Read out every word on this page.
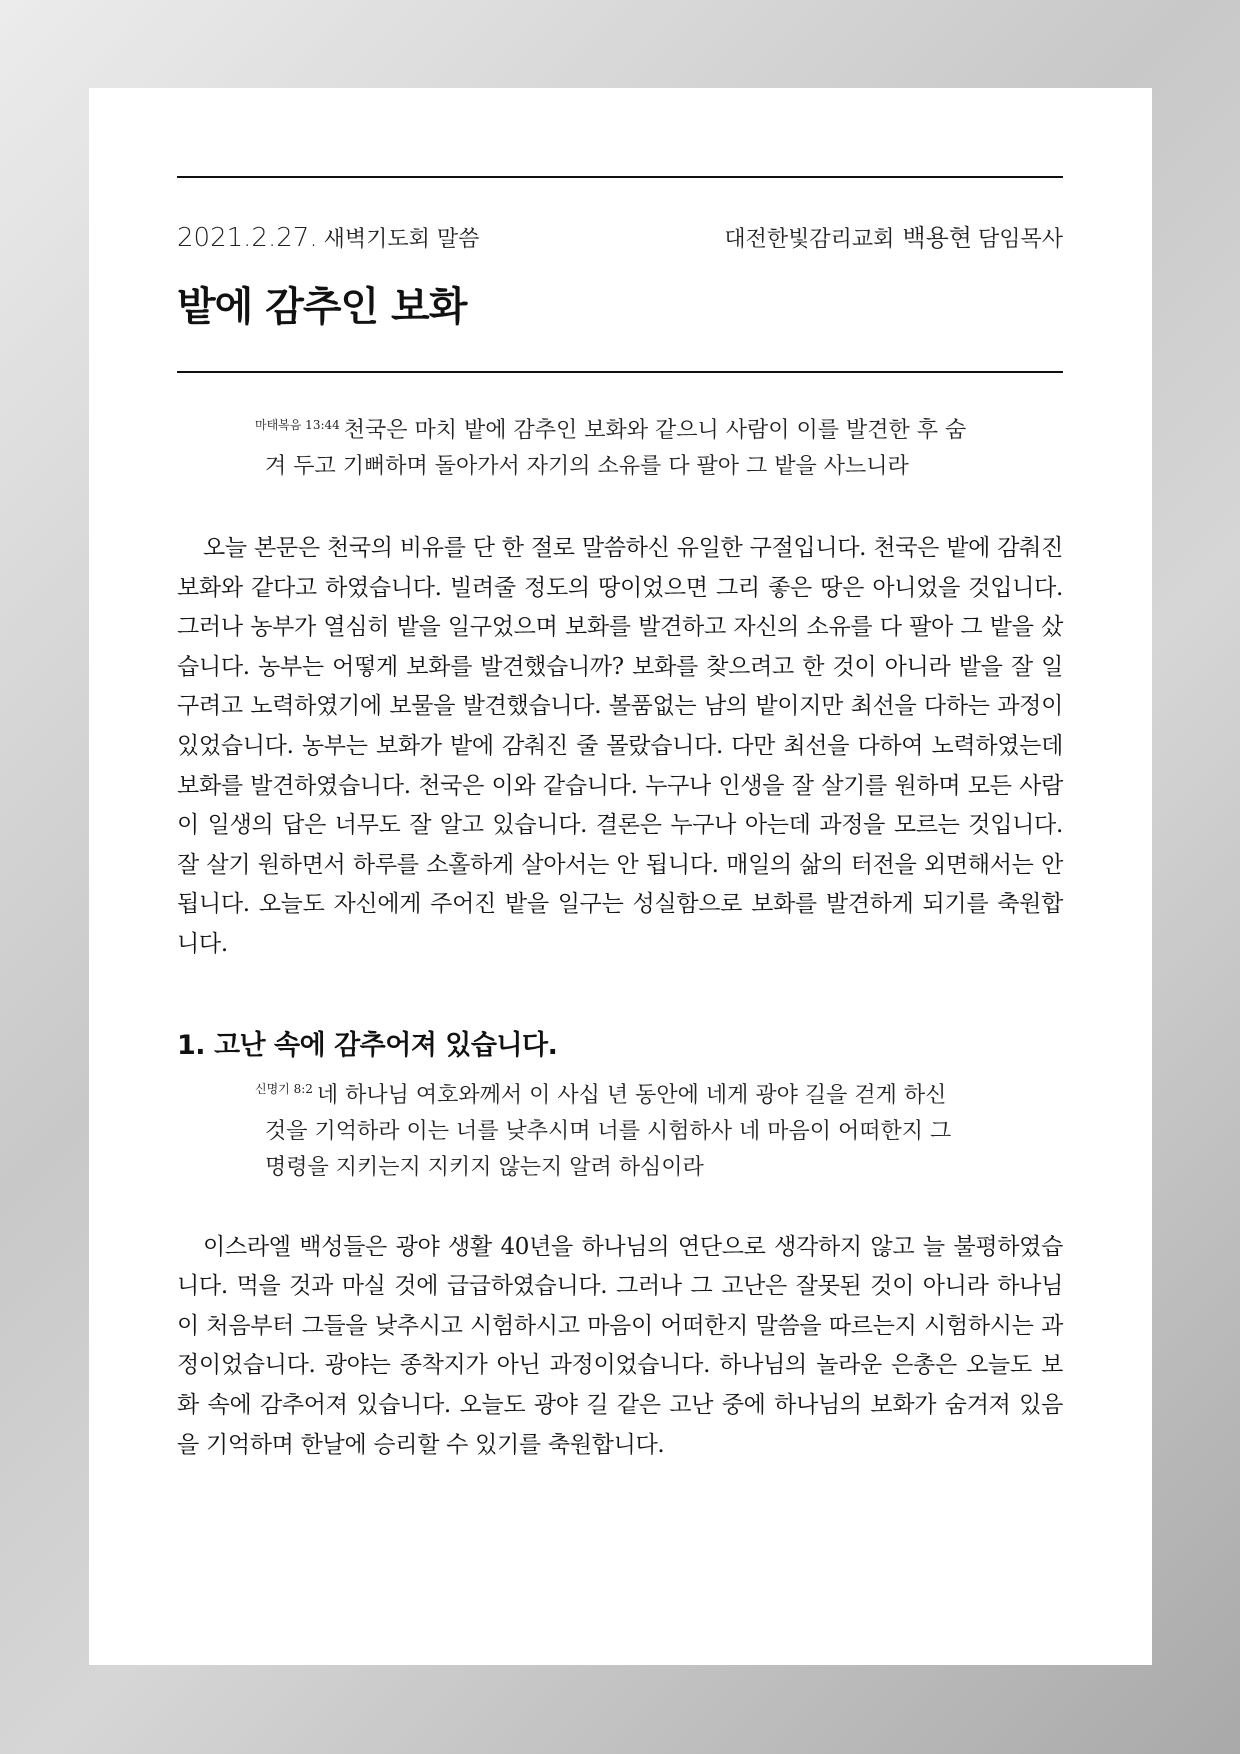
2021.2.27. 새벽기도회 말씀	대전한빛감리교회 백용현 담임목사
밭에 감추인 보화
$^{마태복음 13:44}$ 천국은 마치 밭에 감추인 보화와 같으니 사람이 이를 발견한 후 숨
겨 두고 기뻐하며 돌아가서 자기의 소유를 다 팔아 그 밭을 사느니라

오늘 본문은 천국의 비유를 단 한 절로 말씀하신 유일한 구절입니다. 천국은 밭에 감춰진 보화와 같다고 하였습니다. 빌려줄 정도의 땅이었으면 그리 좋은 땅은 아니었을 것입니다. 그러나 농부가 열심히 밭을 일구었으며 보화를 발견하고 자신의 소유를 다 팔아 그 밭을 샀습니다. 농부는 어떻게 보화를 발견했습니까? 보화를 찾으려고 한 것이 아니라 밭을 잘 일구려고 노력하였기에 보물을 발견했습니다. 볼품없는 남의 밭이지만 최선을 다하는 과정이 있었습니다. 농부는 보화가 밭에 감춰진 줄 몰랐습니다. 다만 최선을 다하여 노력하였는데 보화를 발견하였습니다. 천국은 이와 같습니다. 누구나 인생을 잘 살기를 원하며 모든 사람이 일생의 답은 너무도 잘 알고 있습니다. 결론은 누구나 아는데 과정을 모르는 것입니다. 잘 살기 원하면서 하루를 소홀하게 살아서는 안 됩니다. 매일의 삶의 터전을 외면해서는 안 됩니다. 오늘도 자신에게 주어진 밭을 일구는 성실함으로 보화를 발견하게 되기를 축원합니다.

1. 고난 속에 감추어져 있습니다.
$^{신명기 8:2}$ 네 하나님 여호와께서 이 사십 년 동안에 네게 광야 길을 걷게 하신
것을 기억하라 이는 너를 낮추시며 너를 시험하사 네 마음이 어떠한지 그
명령을 지키는지 지키지 않는지 알려 하심이라

이스라엘 백성들은 광야 생활 40년을 하나님의 연단으로 생각하지 않고 늘 불평하였습니다. 먹을 것과 마실 것에 급급하였습니다. 그러나 그 고난은 잘못된 것이 아니라 하나님이 처음부터 그들을 낮추시고 시험하시고 마음이 어떠한지 말씀을 따르는지 시험하시는 과정이었습니다. 광야는 종착지가 아닌 과정이었습니다. 하나님의 놀라운 은총은 오늘도 보화 속에 감추어져 있습니다. 오늘도 광야 길 같은 고난 중에 하나님의 보화가 숨겨져 있음을 기억하며 한날에 승리할 수 있기를 축원합니다.
